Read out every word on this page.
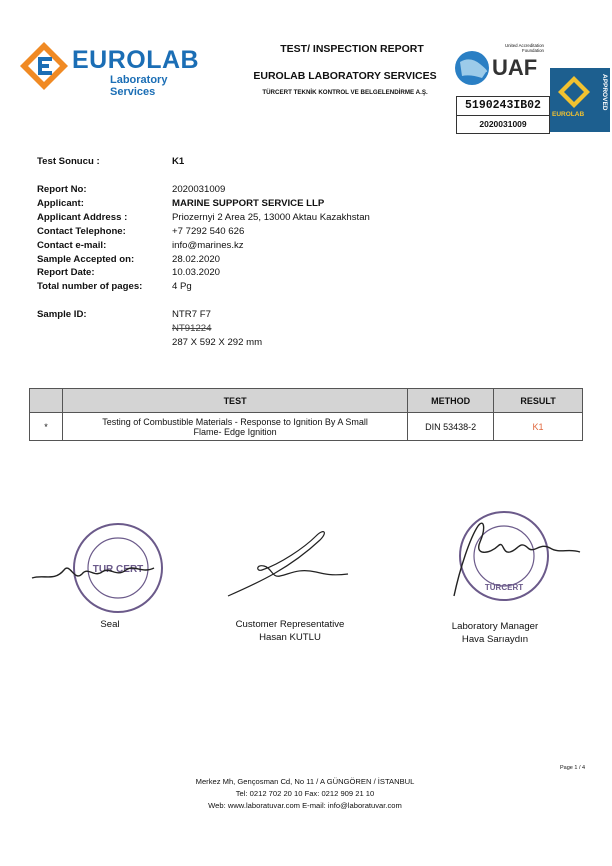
EUROLAB
Laboratory Services
TEST/ INSPECTION REPORT
EUROLAB LABORATORY SERVICES
TÜRCERT TEKNİK KONTROL VE BELGELENDİRME A.Ş.
UAF
United Accreditation Foundation
5190243IB02
2020031009
EUROLAB
APPROVED
Test Sonucu :	K1
Report No:	2020031009
Applicant:	MARINE SUPPORT SERVICE LLP
Applicant Address :	Priozernyi 2 Area 25, 13000 Aktau Kazakhstan
Contact Telephone:	+7 7292 540 626
Contact e-mail:	info@marines.kz
Sample Accepted on:	28.02.2020
Report Date:	10.03.2020
Total number of pages:	4 Pg
Sample ID:	NTR7 F7
NT91224
287 X 592 X 292 mm
	TEST	METHOD	RESULT
*	Testing of Combustible Materials - Response to Ignition By A Small
Flame- Edge Ignition	DIN 53438-2	K1
TUR CERT
Seal	Customer Representative
Hasan KUTLU
TÜRCERT
Laboratory Manager
Hava Sarıaydın
Page 1 / 4
Merkez Mh, Gençosman Cd, No 11 / A GÜNGÖREN / İSTANBUL
Tel: 0212 702 20 10 Fax: 0212 909 21 10
Web: www.laboratuvar.com E-mail: info@laboratuvar.com
